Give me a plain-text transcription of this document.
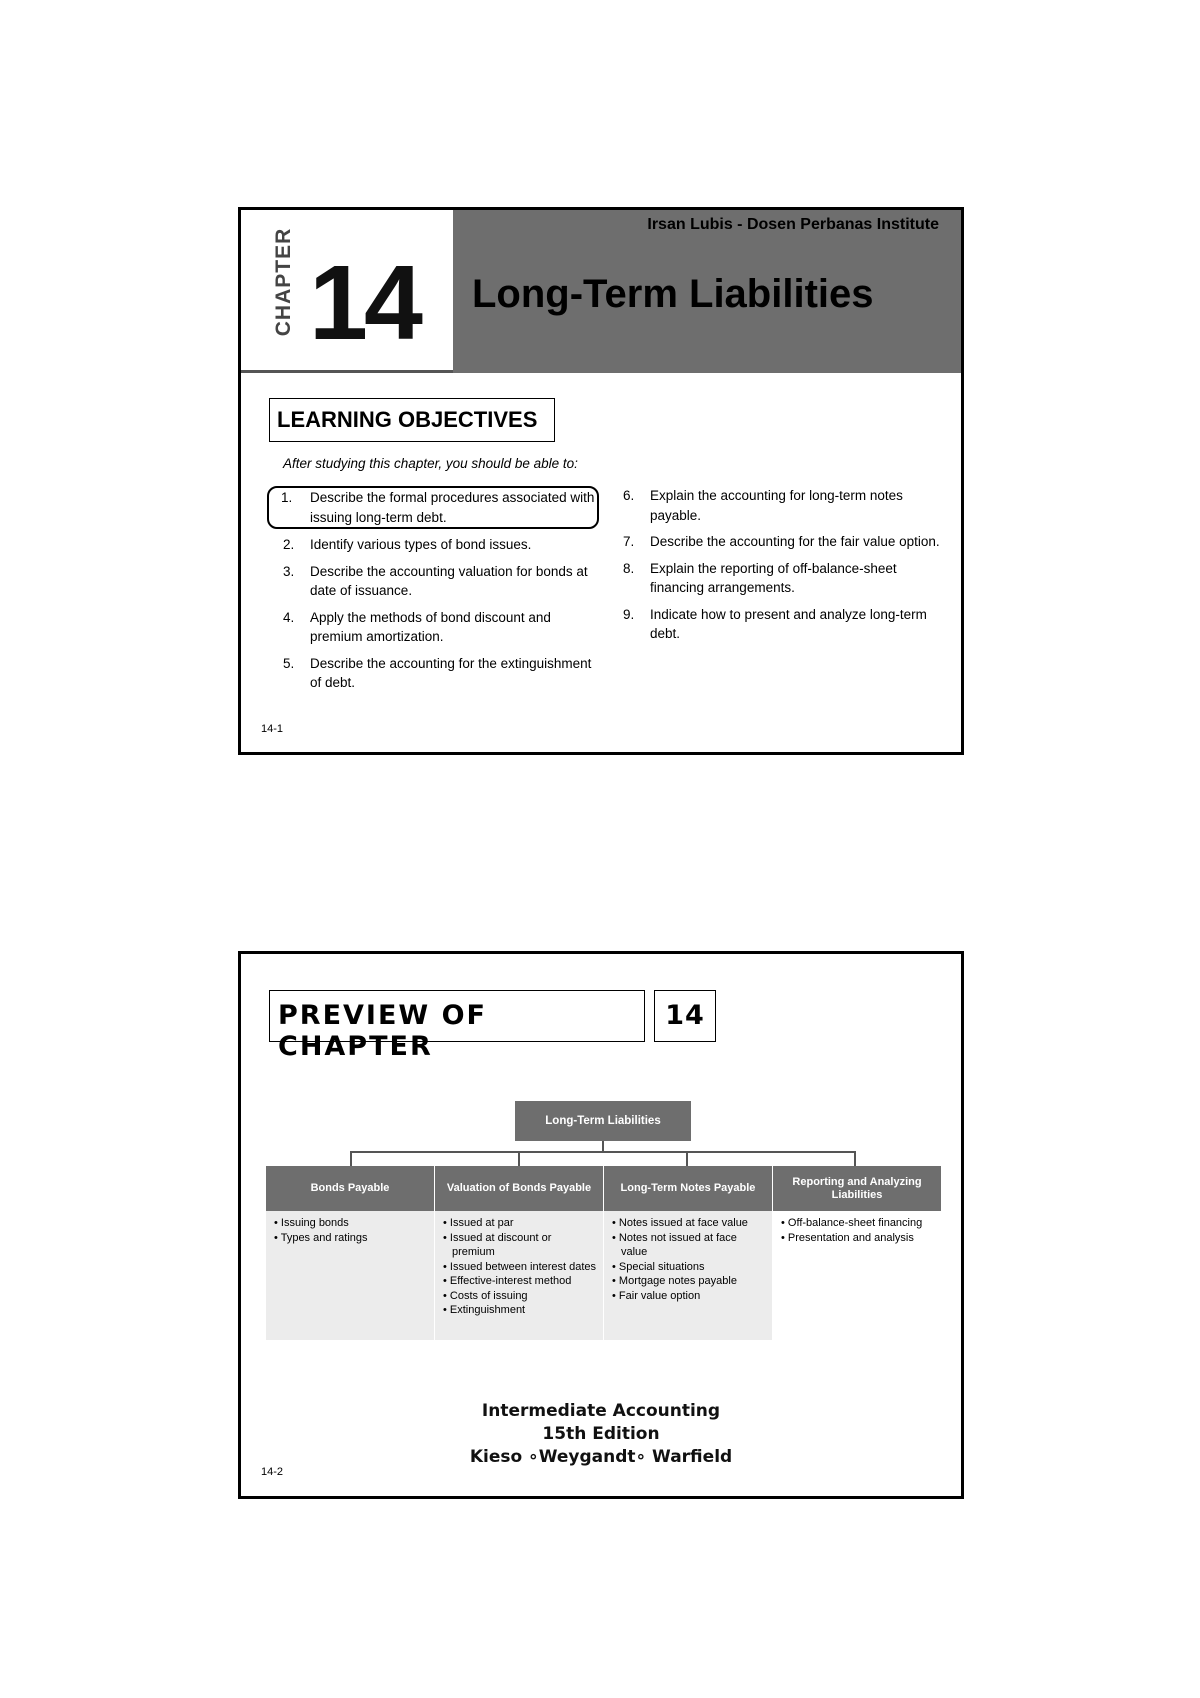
CHAPTER 14
Irsan Lubis - Dosen Perbanas Institute
Long-Term Liabilities
LEARNING OBJECTIVES
After studying this chapter, you should be able to:
1. Describe the formal procedures associated with issuing long-term debt.
2. Identify various types of bond issues.
3. Describe the accounting valuation for bonds at date of issuance.
4. Apply the methods of bond discount and premium amortization.
5. Describe the accounting for the extinguishment of debt.
6. Explain the accounting for long-term notes payable.
7. Describe the accounting for the fair value option.
8. Explain the reporting of off-balance-sheet financing arrangements.
9. Indicate how to present and analyze long-term debt.
14-1
PREVIEW OF CHAPTER
14
Long-Term Liabilities
Bonds Payable
• Issuing bonds
• Types and ratings
Valuation of Bonds Payable
• Issued at par
• Issued at discount or premium
• Issued between interest dates
• Effective-interest method
• Costs of issuing
• Extinguishment
Long-Term Notes Payable
• Notes issued at face value
• Notes not issued at face value
• Special situations
• Mortgage notes payable
• Fair value option
Reporting and Analyzing Liabilities
• Off-balance-sheet financing
• Presentation and analysis
Intermediate Accounting
15th Edition
Kieso ∘Weygandt∘ Warfield
14-2
